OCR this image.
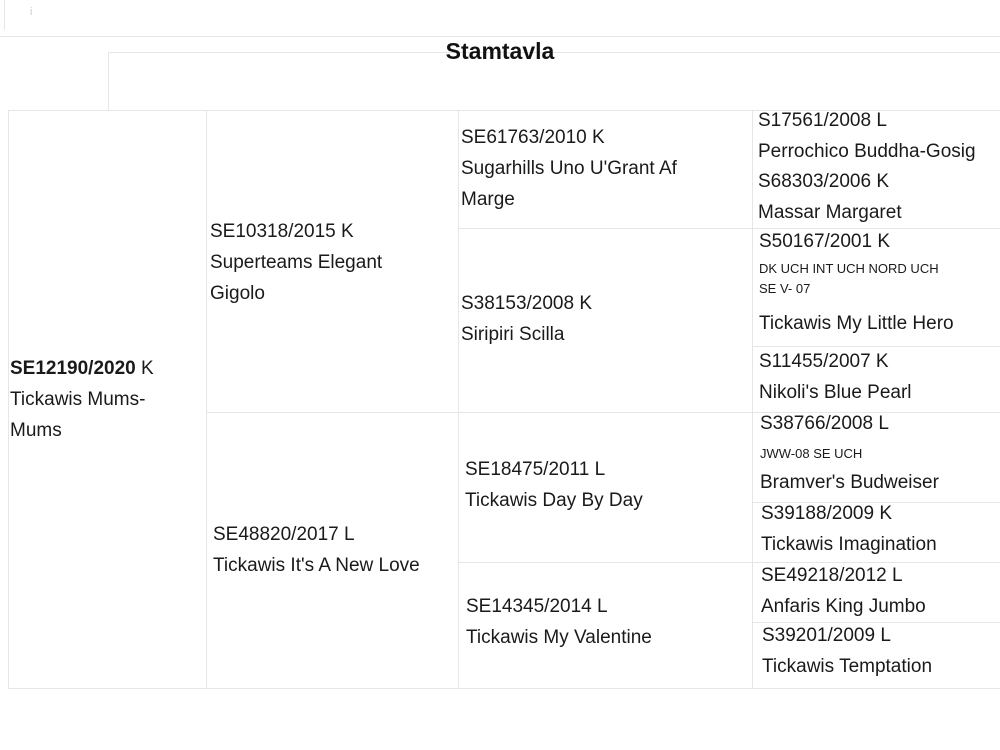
i
Stamtavla
SE12190/2020 K
Tickawis Mums-Mums
SE10318/2015 K
Superteams Elegant Gigolo
SE48820/2017 L
Tickawis It's A New Love
SE61763/2010 K
Sugarhills Uno U'Grant Af Marge
S38153/2008 K
Siripiri Scilla
SE18475/2011 L
Tickawis Day By Day
SE14345/2014 L
Tickawis My Valentine
S17561/2008 L
Perrochico Buddha-Gosig
S68303/2006 K
Massar Margaret
S50167/2001 K
DK UCH INT UCH NORD UCH
SE V- 07
Tickawis My Little Hero
S11455/2007 K
Nikoli's Blue Pearl
S38766/2008 L
JWW-08 SE UCH
Bramver's Budweiser
S39188/2009 K
Tickawis Imagination
SE49218/2012 L
Anfaris King Jumbo
S39201/2009 L
Tickawis Temptation
